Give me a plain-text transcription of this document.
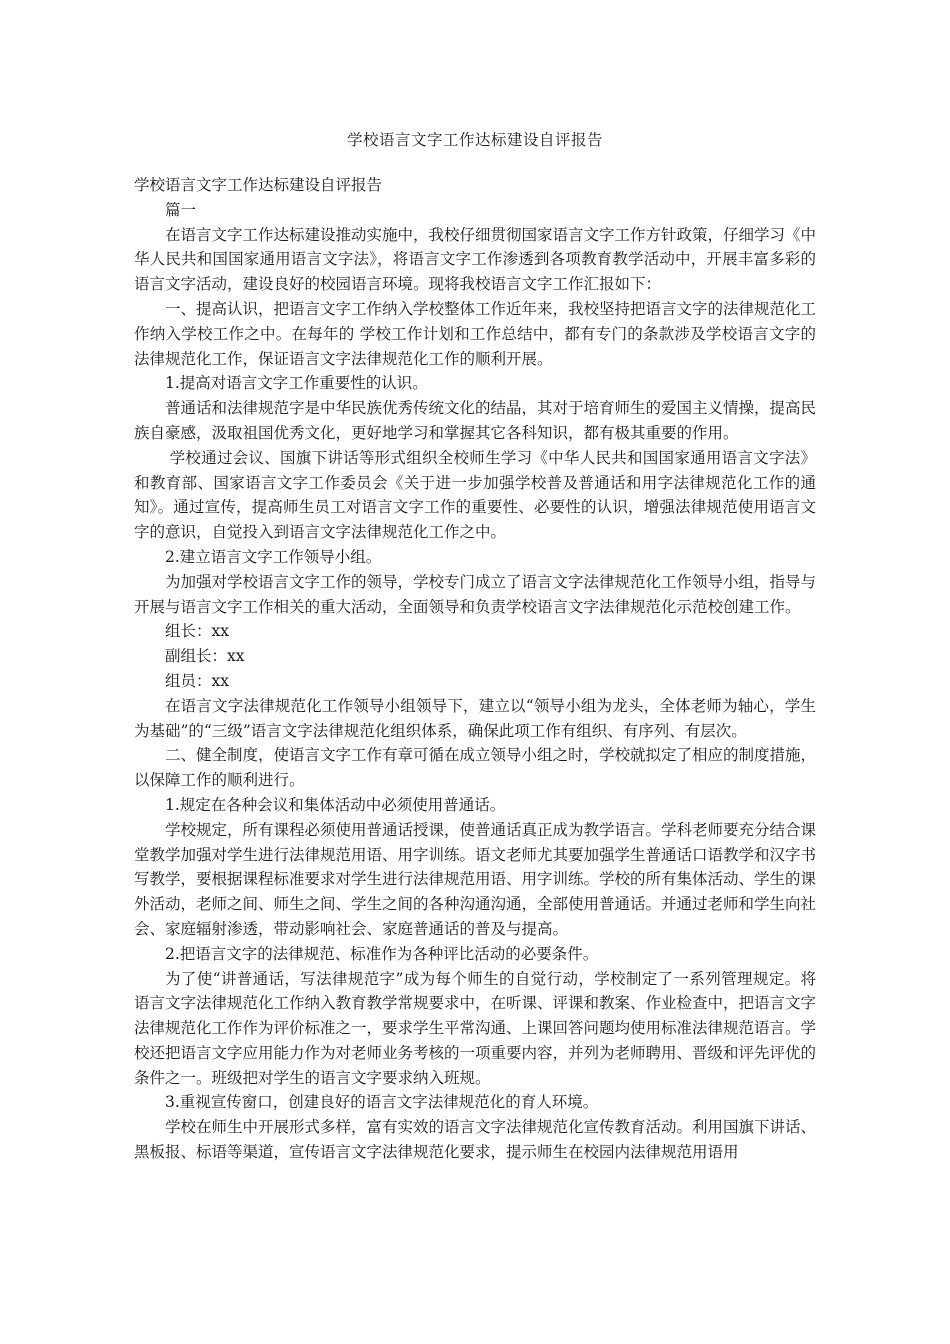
学校语言文字工作达标建设自评报告

学校语言文字工作达标建设自评报告

篇一

在语言文字工作达标建设推动实施中，我校仔细贯彻国家语言文字工作方针政策，仔细学习《中华人民共和国国家通用语言文字法》，将语言文字工作渗透到各项教育教学活动中，开展丰富多彩的语言文字活动，建设良好的校园语言环境。现将我校语言文字工作汇报如下：

一、提高认识，把语言文字工作纳入学校整体工作近年来，我校坚持把语言文字的法律规范化工作纳入学校工作之中。在每年的 学校工作计划和工作总结中，都有专门的条款涉及学校语言文字的法律规范化工作，保证语言文字法律规范化工作的顺利开展。

1.提高对语言文字工作重要性的认识。

普通话和法律规范字是中华民族优秀传统文化的结晶，其对于培育师生的爱国主义情操，提高民族自豪感，汲取祖国优秀文化，更好地学习和掌握其它各科知识，都有极其重要的作用。

学校通过会议、国旗下讲话等形式组织全校师生学习《中华人民共和国国家通用语言文字法》和教育部、国家语言文字工作委员会《关于进一步加强学校普及普通话和用字法律规范化工作的通知》。通过宣传，提高师生员工对语言文字工作的重要性、必要性的认识，增强法律规范使用语言文字的意识，自觉投入到语言文字法律规范化工作之中。

2.建立语言文字工作领导小组。

为加强对学校语言文字工作的领导，学校专门成立了语言文字法律规范化工作领导小组，指导与开展与语言文字工作相关的重大活动，全面领导和负责学校语言文字法律规范化示范校创建工作。

组长：xx

副组长：xx

组员：xx

在语言文字法律规范化工作领导小组领导下，建立以“领导小组为龙头，全体老师为轴心，学生为基础”的“三级”语言文字法律规范化组织体系，确保此项工作有组织、有序列、有层次。

二、健全制度，使语言文字工作有章可循在成立领导小组之时，学校就拟定了相应的制度措施，以保障工作的顺利进行。

1.规定在各种会议和集体活动中必须使用普通话。

学校规定，所有课程必须使用普通话授课，使普通话真正成为教学语言。学科老师要充分结合课堂教学加强对学生进行法律规范用语、用字训练。语文老师尤其要加强学生普通话口语教学和汉字书写教学，要根据课程标准要求对学生进行法律规范用语、用字训练。学校的所有集体活动、学生的课外活动，老师之间、师生之间、学生之间的各种沟通沟通，全部使用普通话。并通过老师和学生向社会、家庭辐射渗透，带动影响社会、家庭普通话的普及与提高。

2.把语言文字的法律规范、标准作为各种评比活动的必要条件。

为了使“讲普通话，写法律规范字”成为每个师生的自觉行动，学校制定了一系列管理规定。将语言文字法律规范化工作纳入教育教学常规要求中，在听课、评课和教案、作业检查中，把语言文字法律规范化工作作为评价标准之一，要求学生平常沟通、上课回答问题均使用标准法律规范语言。学校还把语言文字应用能力作为对老师业务考核的一项重要内容，并列为老师聘用、晋级和评先评优的条件之一。班级把对学生的语言文字要求纳入班规。

3.重视宣传窗口，创建良好的语言文字法律规范化的育人环境。

学校在师生中开展形式多样，富有实效的语言文字法律规范化宣传教育活动。利用国旗下讲话、黑板报、标语等渠道，宣传语言文字法律规范化要求，提示师生在校园内法律规范用语用
